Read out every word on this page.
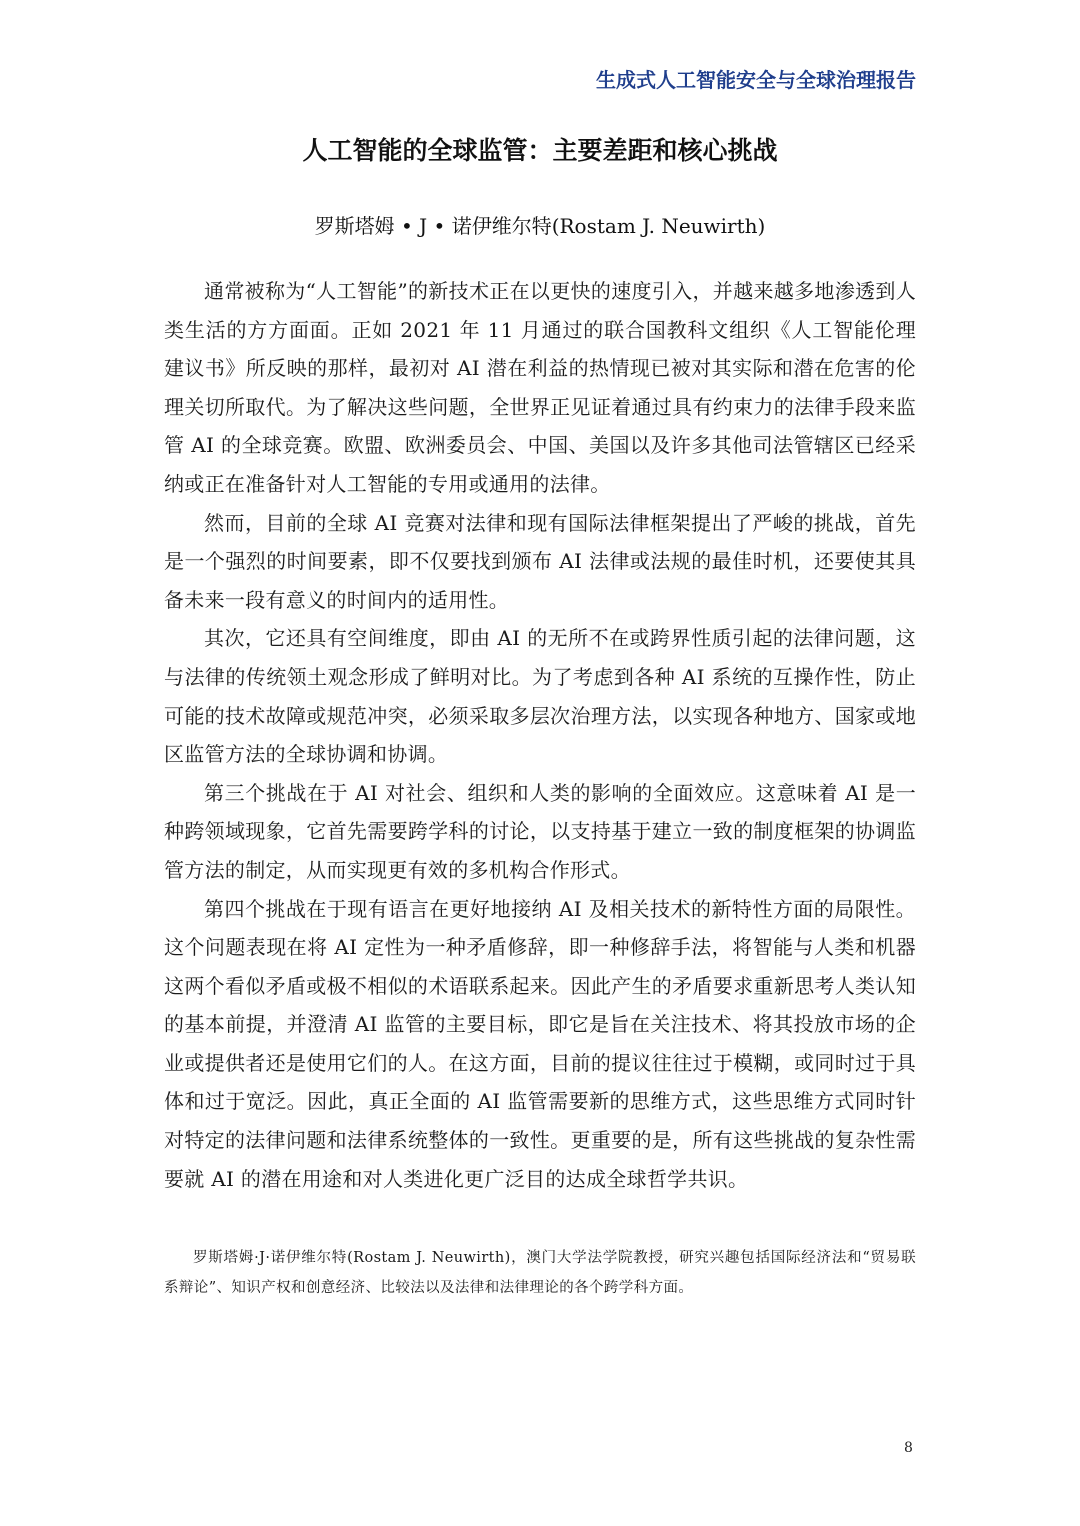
生成式人工智能安全与全球治理报告
人工智能的全球监管：主要差距和核心挑战
罗斯塔姆 • J • 诺伊维尔特(Rostam J. Neuwirth)

通常被称为“人工智能”的新技术正在以更快的速度引入，并越来越多地渗透到人类生活的方方面面。正如 2021 年 11 月通过的联合国教科文组织《人工智能伦理建议书》所反映的那样，最初对 AI 潜在利益的热情现已被对其实际和潜在危害的伦理关切所取代。为了解决这些问题，全世界正见证着通过具有约束力的法律手段来监管 AI 的全球竞赛。欧盟、欧洲委员会、中国、美国以及许多其他司法管辖区已经采纳或正在准备针对人工智能的专用或通用的法律。

然而，目前的全球 AI 竞赛对法律和现有国际法律框架提出了严峻的挑战，首先是一个强烈的时间要素，即不仅要找到颁布 AI 法律或法规的最佳时机，还要使其具备未来一段有意义的时间内的适用性。

其次，它还具有空间维度，即由 AI 的无所不在或跨界性质引起的法律问题，这与法律的传统领土观念形成了鲜明对比。为了考虑到各种 AI 系统的互操作性，防止可能的技术故障或规范冲突，必须采取多层次治理方法，以实现各种地方、国家或地区监管方法的全球协调和协调。

第三个挑战在于 AI 对社会、组织和人类的影响的全面效应。这意味着 AI 是一种跨领域现象，它首先需要跨学科的讨论，以支持基于建立一致的制度框架的协调监管方法的制定，从而实现更有效的多机构合作形式。

第四个挑战在于现有语言在更好地接纳 AI 及相关技术的新特性方面的局限性。这个问题表现在将 AI 定性为一种矛盾修辞，即一种修辞手法，将智能与人类和机器这两个看似矛盾或极不相似的术语联系起来。因此产生的矛盾要求重新思考人类认知的基本前提，并澄清 AI 监管的主要目标，即它是旨在关注技术、将其投放市场的企业或提供者还是使用它们的人。在这方面，目前的提议往往过于模糊，或同时过于具体和过于宽泛。因此，真正全面的 AI 监管需要新的思维方式，这些思维方式同时针对特定的法律问题和法律系统整体的一致性。更重要的是，所有这些挑战的复杂性需要就 AI 的潜在用途和对人类进化更广泛目的达成全球哲学共识。

罗斯塔姆·J·诺伊维尔特(Rostam J. Neuwirth)，澳门大学法学院教授，研究兴趣包括国际经济法和“贸易联系辩论”、知识产权和创意经济、比较法以及法律和法律理论的各个跨学科方面。

8
